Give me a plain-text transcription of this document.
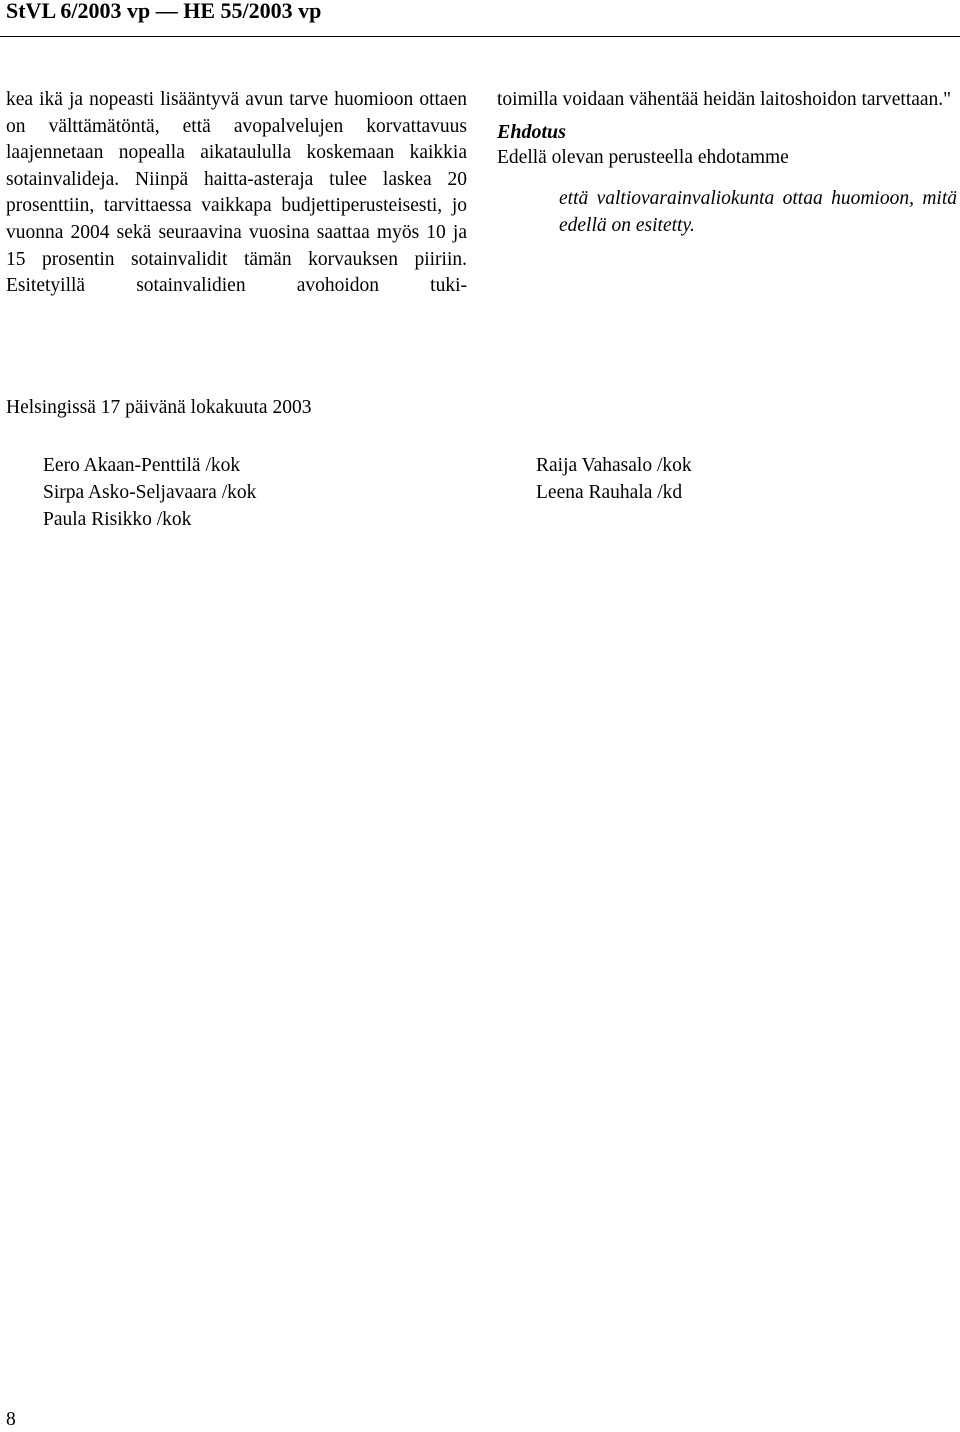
StVL 6/2003 vp — HE 55/2003 vp

kea ikä ja nopeasti lisääntyvä avun tarve huomioon ottaen on välttämätöntä, että avopalvelujen korvattavuus laajennetaan nopealla aikataululla koskemaan kaikkia sotainvalideja. Niinpä haitta-asteraja tulee laskea 20 prosenttiin, tarvittaessa vaikkapa budjettiperusteisesti, jo vuonna 2004 sekä seuraavina vuosina saattaa myös 10 ja 15 prosentin sotainvalidit tämän korvauksen piiriin. Esitetyillä sotainvalidien avohoidon tuki-

toimilla voidaan vähentää heidän laitoshoidon tarvettaan."

Ehdotus

Edellä olevan perusteella ehdotamme

että valtiovarainvaliokunta ottaa huomioon, mitä edellä on esitetty.

Helsingissä 17 päivänä lokakuuta 2003
Eero Akaan-Penttilä /kok
Sirpa Asko-Seljavaara /kok
Paula Risikko /kok
Raija Vahasalo /kok
Leena Rauhala /kd
8
